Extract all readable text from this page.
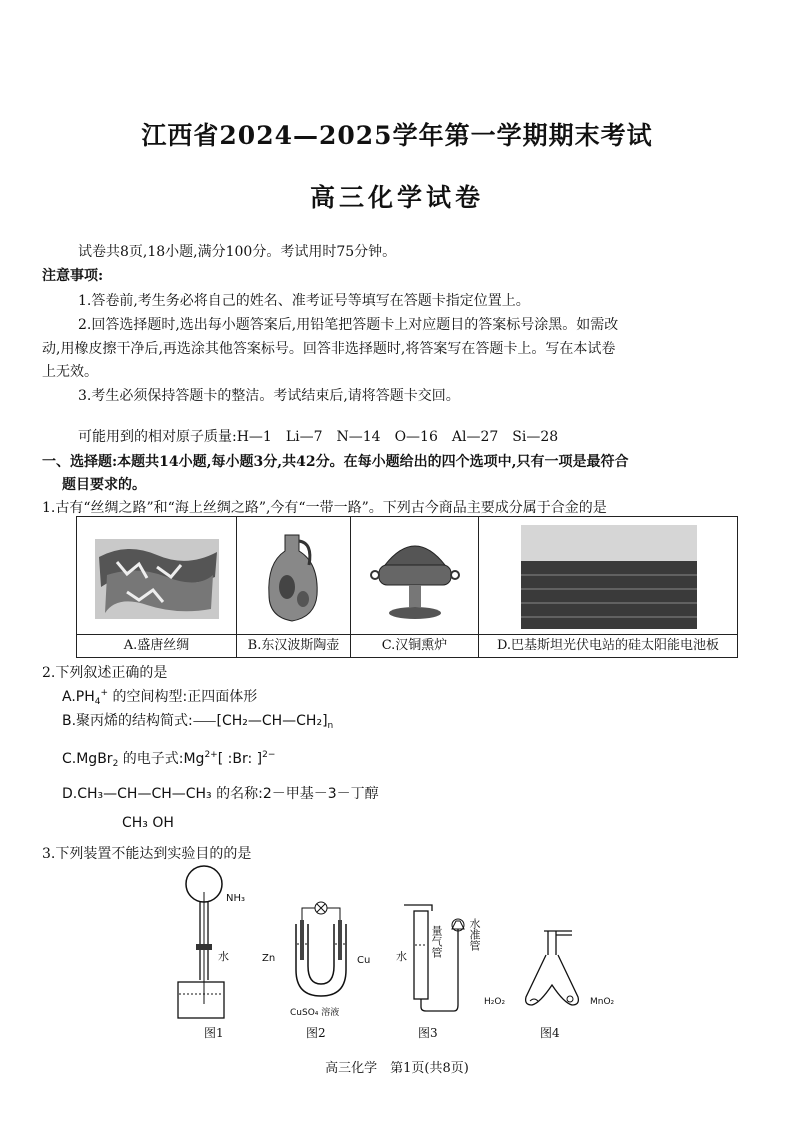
江西省2024—2025学年第一学期期末考试
高三化学试卷
试卷共8页,18小题,满分100分。考试用时75分钟。
注意事项:
1.答卷前,考生务必将自己的姓名、准考证号等填写在答题卡指定位置上。
2.回答选择题时,选出每小题答案后,用铅笔把答题卡上对应题目的答案标号涂黑。如需改
动,用橡皮擦干净后,再选涂其他答案标号。回答非选择题时,将答案写在答题卡上。写在本试卷
上无效。
3.考生必须保持答题卡的整洁。考试结束后,请将答题卡交回。
可能用到的相对原子质量:H—1　Li—7　N—14　O—16　Al—27　Si—28
一、选择题:本题共14小题,每小题3分,共42分。在每小题给出的四个选项中,只有一项是最符合
题目要求的。
1.古有“丝绸之路”和“海上丝绸之路”,今有“一带一路”。下列古今商品主要成分属于合金的是
A.盛唐丝绸	B.东汉波斯陶壶	C.汉铜熏炉	D.巴基斯坦光伏电站的硅太阳能电池板
2.下列叙述正确的是
$A.PH_4^+$ 的空间构型:正四面体形
B.聚丙烯的结构简式$:⸺[CH_2—CH—CH_2]_n$
C.MgBr$_2$ 的电子式$:Mg^{2+}$[ :Br: ]$^{2-}$
D.CH₃—CH—CH—CH₃ 的名称:2－甲基－3－丁醇
CH₃ OH
3.下列装置不能达到实验目的的是
NH₃
水	Zn	Cu
CuSO₄ 溶液
水 量气管 水准管
H₂O₂	MnO₂
图1	图2	图3	图4
高三化学　第1页(共8页)
